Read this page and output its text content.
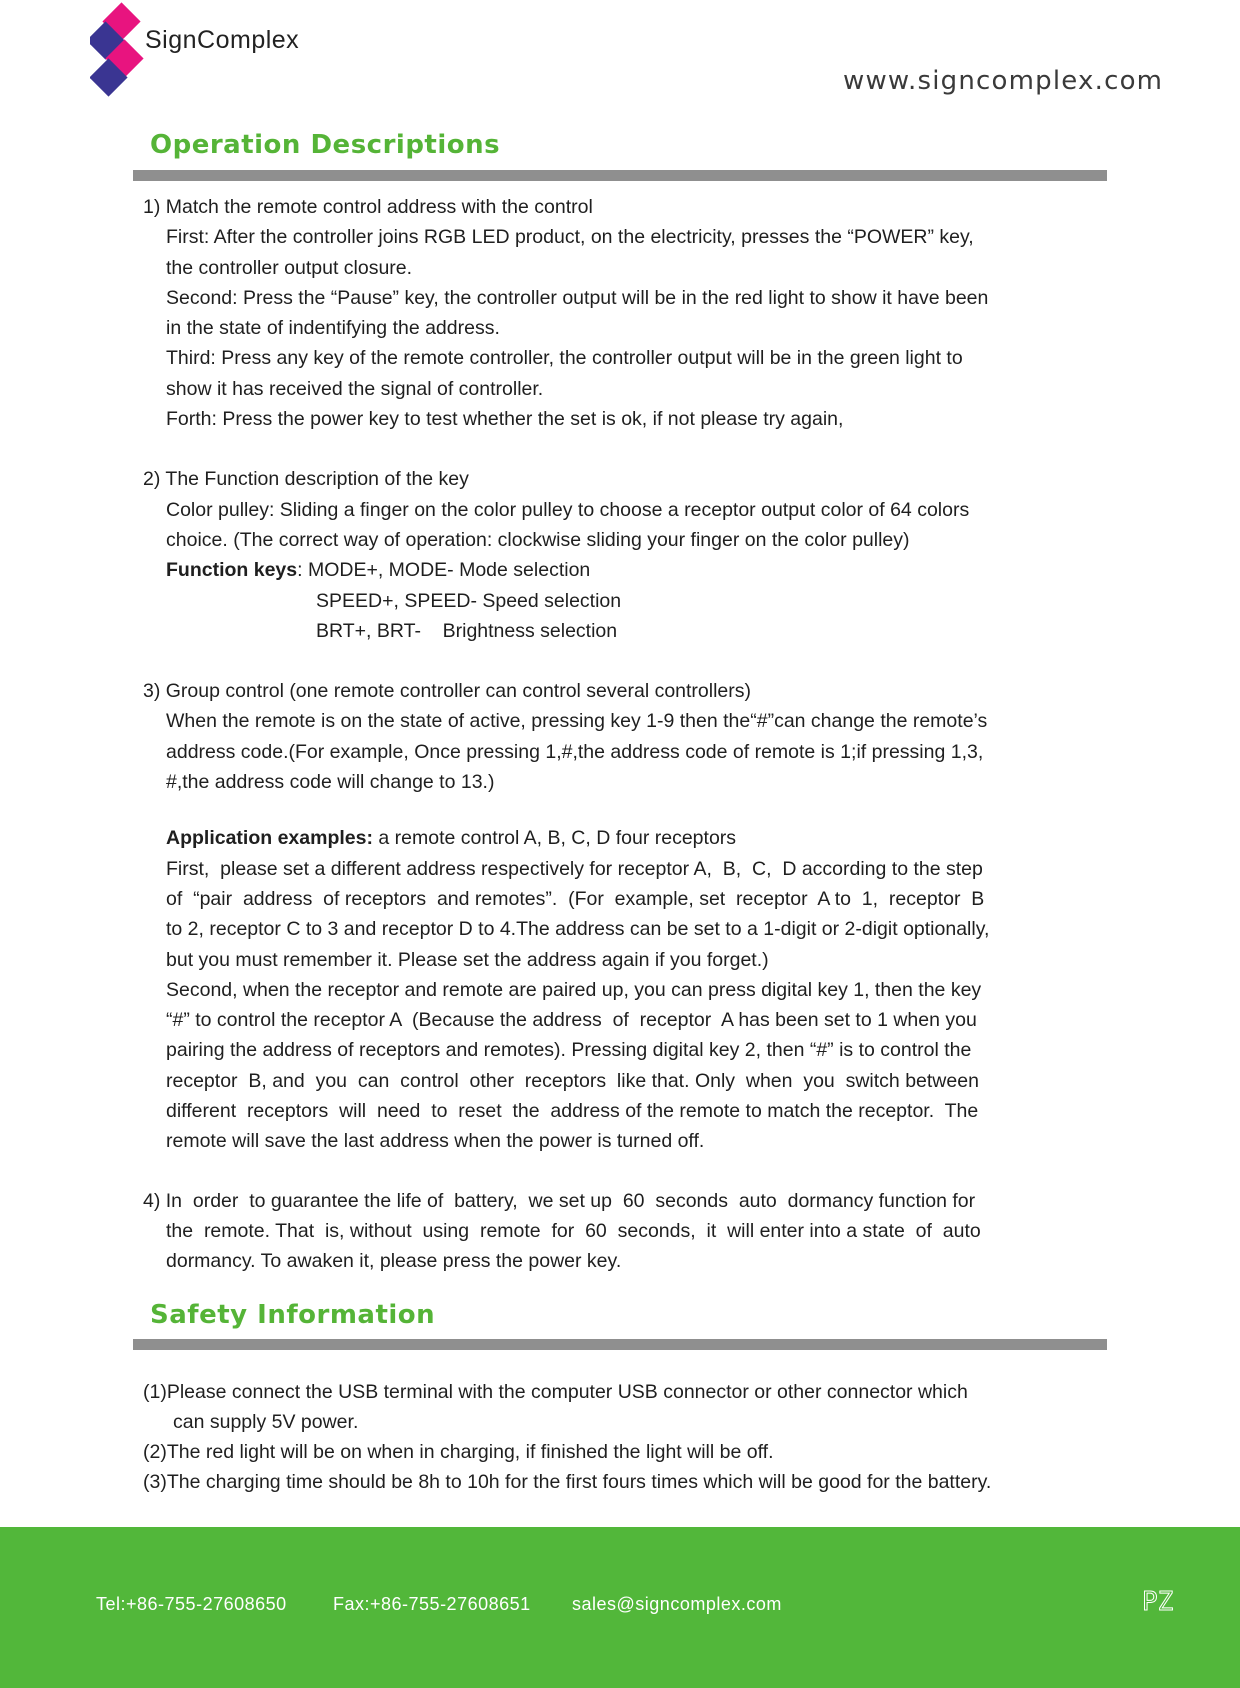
SignComplex
www.signcomplex.com
Operation Descriptions

1) Match the remote control address with the control

First: After the controller joins RGB LED product, on the electricity, presses the “POWER” key,

the controller output closure.

Second: Press the “Pause” key, the controller output will be in the red light to show it have been

in the state of indentifying the address.

Third: Press any key of the remote controller, the controller output will be in the green light to

show it has received the signal of controller.

Forth: Press the power key to test whether the set is ok, if not please try again,

2) The Function description of the key

Color pulley: Sliding a finger on the color pulley to choose a receptor output color of 64 colors

choice. (The correct way of operation: clockwise sliding your finger on the color pulley)

Function keys: MODE+, MODE- Mode selection

SPEED+, SPEED- Speed selection

BRT+, BRT-    Brightness selection

3) Group control (one remote controller can control several controllers)

When the remote is on the state of active, pressing key 1-9 then the“#”can change the remote’s

address code.(For example, Once pressing 1,#,the address code of remote is 1;if pressing 1,3,

#,the address code will change to 13.)

Application examples: a remote control A, B, C, D four receptors

First,  please set a different address respectively for receptor A,  B,  C,  D according to the step

of  “pair  address  of receptors  and remotes”.  (For  example, set  receptor  A to  1,  receptor  B

to 2, receptor C to 3 and receptor D to 4.The address can be set to a 1-digit or 2-digit optionally,

but you must remember it. Please set the address again if you forget.)

Second, when the receptor and remote are paired up, you can press digital key 1, then the key

“#” to control the receptor A  (Because the address  of  receptor  A has been set to 1 when you

pairing the address of receptors and remotes). Pressing digital key 2, then “#” is to control the

receptor  B, and  you  can  control  other  receptors  like that. Only  when  you  switch between

different  receptors  will  need  to  reset  the  address of the remote to match the receptor.  The

remote will save the last address when the power is turned off.

4) In  order  to guarantee the life of  battery,  we set up  60  seconds  auto  dormancy function for

the  remote. That  is, without  using  remote  for  60  seconds,  it  will enter into a state  of  auto

dormancy. To awaken it, please press the power key.

Safety Information

(1)Please connect the USB terminal with the computer USB connector or other connector which

can supply 5V power.

(2)The red light will be on when in charging, if finished the light will be off.

(3)The charging time should be 8h to 10h for the first fours times which will be good for the battery.

Tel:+86-755-27608650	Fax:+86-755-27608651 sales@signcomplex.com	PZ
